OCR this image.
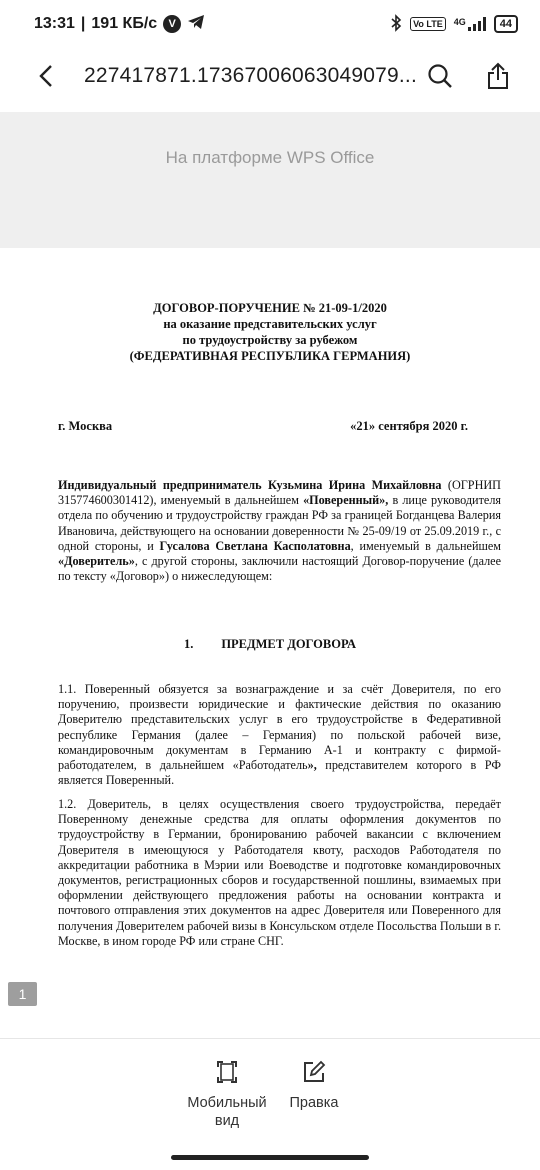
13:31 | 191 КБ/с	V	Vo LTE	4G	44
227417871.17367006063049079...
На платформе WPS Office
ДОГОВОР-ПОРУЧЕНИЕ № 21-09-1/2020
на оказание представительских услуг
по трудоустройству за рубежом
(ФЕДЕРАТИВНАЯ РЕСПУБЛИКА ГЕРМАНИЯ)
г. Москва	«21» сентября 2020 г.
Индивидуальный предприниматель Кузьмина Ирина Михайловна (ОГРНИП 315774600301412), именуемый в дальнейшем «Поверенный», в лице руководителя отдела по обучению и трудоустройству граждан РФ за границей Богданцева Валерия Ивановича, действующего на основании доверенности № 25-09/19 от 25.09.2019 г., с одной стороны, и Гусалова Светлана Касполатовна, именуемый в дальнейшем «Доверитель», с другой стороны, заключили настоящий Договор-поручение (далее по тексту «Договор») о нижеследующем:
1. ПРЕДМЕТ ДОГОВОРА
1.1. Поверенный обязуется за вознаграждение и за счёт Доверителя, по его поручению, произвести юридические и фактические действия по оказанию Доверителю представительских услуг в его трудоустройстве в Федеративной республике Германия (далее – Германия) по польской рабочей визе, командировочным документам в Германию А-1 и контракту с фирмой-работодателем, в дальнейшем «Работодатель», представителем которого в РФ является Поверенный.
1.2. Доверитель, в целях осуществления своего трудоустройства, передаёт Поверенному денежные средства для оплаты оформления документов по трудоустройству в Германии, бронированию рабочей вакансии с включением Доверителя в имеющуюся у Работодателя квоту, расходов Работодателя по аккредитации работника в Мэрии или Воеводстве и подготовке командировочных документов, регистрационных сборов и государственной пошлины, взимаемых при оформлении действующего предложения работы на основании контракта и почтового отправления этих документов на адрес Доверителя или Поверенного для получения Доверителем рабочей визы в Консульском отделе Посольства Польши в г. Москве, в ином городе РФ или стране СНГ.
1
Мобильный вид
Правка
